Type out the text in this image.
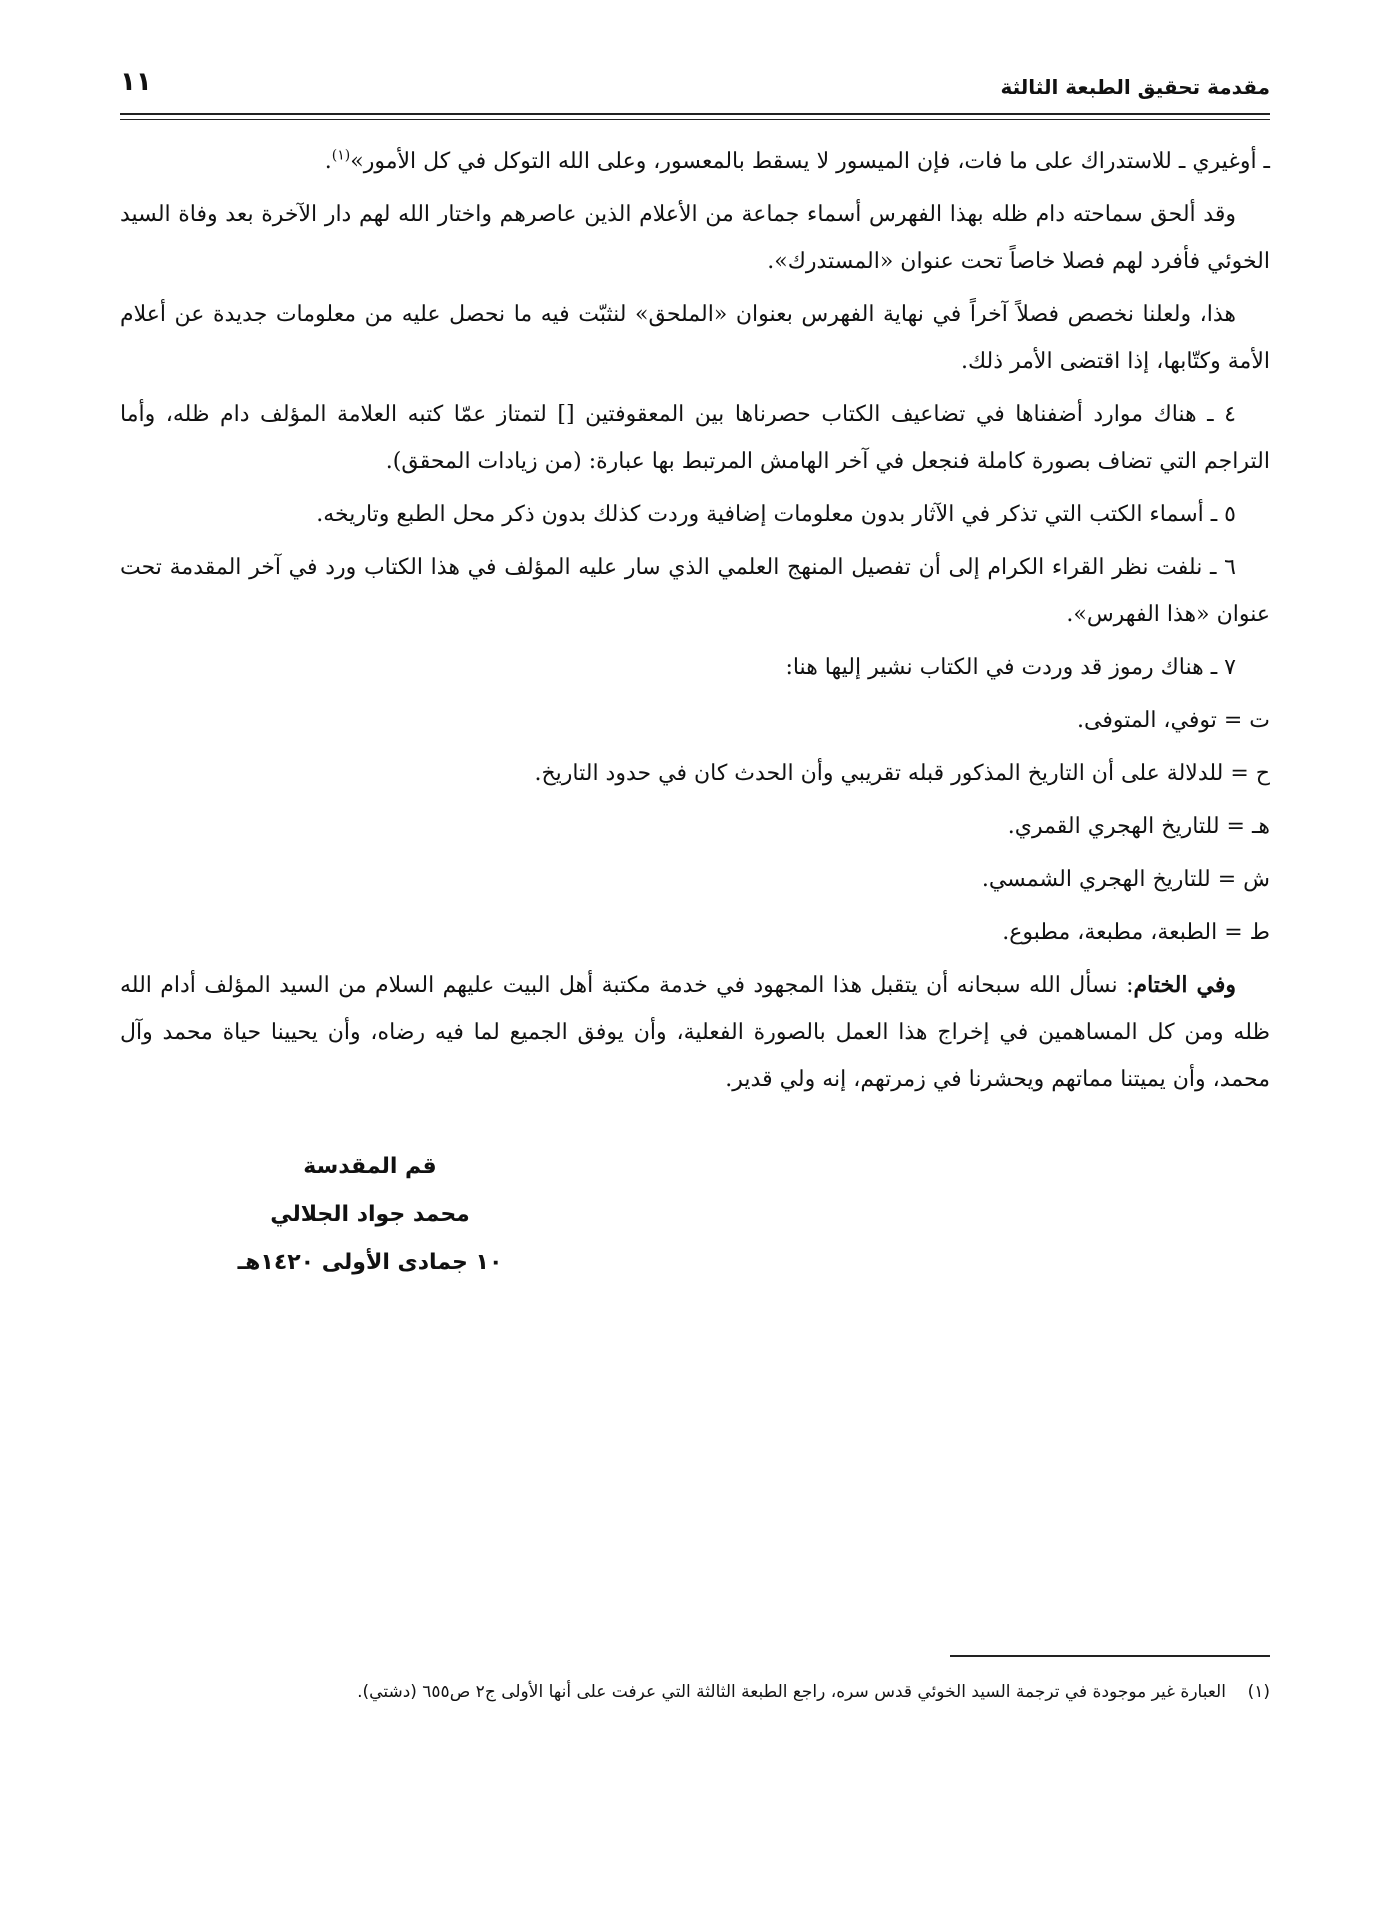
مقدمة تحقيق الطبعة الثالثة
١١

ـ أوغيري ـ للاستدراك على ما فات، فإن الميسور لا يسقط بالمعسور، وعلى الله التوكل في كل الأمور»$^{(١)}$.

وقد ألحق سماحته دام ظله بهذا الفهرس أسماء جماعة من الأعلام الذين عاصرهم واختار الله لهم دار الآخرة بعد وفاة السيد الخوئي فأفرد لهم فصلا خاصاً تحت عنوان «المستدرك».

هذا، ولعلنا نخصص فصلاً آخراً في نهاية الفهرس بعنوان «الملحق» لنثبّت فيه ما نحصل عليه من معلومات جديدة عن أعلام الأمة وكتّابها، إذا اقتضى الأمر ذلك.

٤ ـ هناك موارد أضفناها في تضاعيف الكتاب حصرناها بين المعقوفتين [] لتمتاز عمّا كتبه العلامة المؤلف دام ظله، وأما التراجم التي تضاف بصورة كاملة فنجعل في آخر الهامش المرتبط بها عبارة: (من زيادات المحقق).

٥ ـ أسماء الكتب التي تذكر في الآثار بدون معلومات إضافية وردت كذلك بدون ذكر محل الطبع وتاريخه.

٦ ـ نلفت نظر القراء الكرام إلى أن تفصيل المنهج العلمي الذي سار عليه المؤلف في هذا الكتاب ورد في آخر المقدمة تحت عنوان «هذا الفهرس».

٧ ـ هناك رموز قد وردت في الكتاب نشير إليها هنا:

ت = توفي، المتوفى.

ح = للدلالة على أن التاريخ المذكور قبله تقريبي وأن الحدث كان في حدود التاريخ.

هـ = للتاريخ الهجري القمري.

ش = للتاريخ الهجري الشمسي.

ط = الطبعة، مطبعة، مطبوع.

وفي الختام: نسأل الله سبحانه أن يتقبل هذا المجهود في خدمة مكتبة أهل البيت عليهم السلام من السيد المؤلف أدام الله ظله ومن كل المساهمين في إخراج هذا العمل بالصورة الفعلية، وأن يوفق الجميع لما فيه رضاه، وأن يحيينا حياة محمد وآل محمد، وأن يميتنا مماتهم ويحشرنا في زمرتهم، إنه ولي قدير.

قم المقدسة
محمد جواد الجلالي
١٠ جمادى الأولى ١٤٢٠هـ
(١)    العبارة غير موجودة في ترجمة السيد الخوئي قدس سره، راجع الطبعة الثالثة التي عرفت على أنها الأولى ج٢ ص٦٥٥ (دشتي).
